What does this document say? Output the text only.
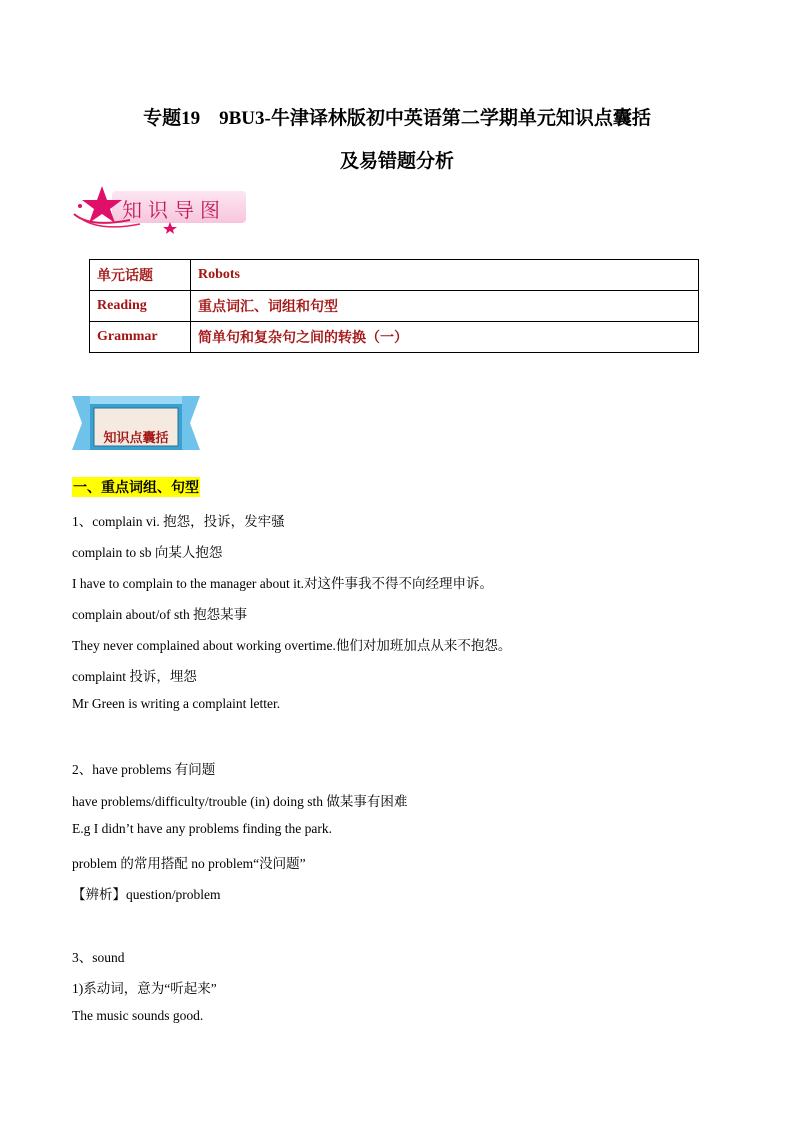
专题19　9BU3-牛津译林版初中英语第二学期单元知识点囊括
及易错题分析
知识导图
单元话题	Robots
Reading	重点词汇、词组和句型
Grammar	简单句和复杂句之间的转换（一）
知识点囊括
一、重点词组、句型
1、complain vi. 抱怨，投诉，发牢骚
complain to sb 向某人抱怨
I have to complain to the manager about it.对这件事我不得不向经理申诉。
complain about/of sth 抱怨某事
They never complained about working overtime.他们对加班加点从来不抱怨。
complaint 投诉，埋怨
Mr Green is writing a complaint letter.
2、have problems 有问题
have problems/difficulty/trouble (in) doing sth 做某事有困难
E.g I didn’t have any problems finding the park.
problem 的常用搭配 no problem“没问题”
【辨析】question/problem
3、sound
1)系动词，意为“听起来”
The music sounds good.
